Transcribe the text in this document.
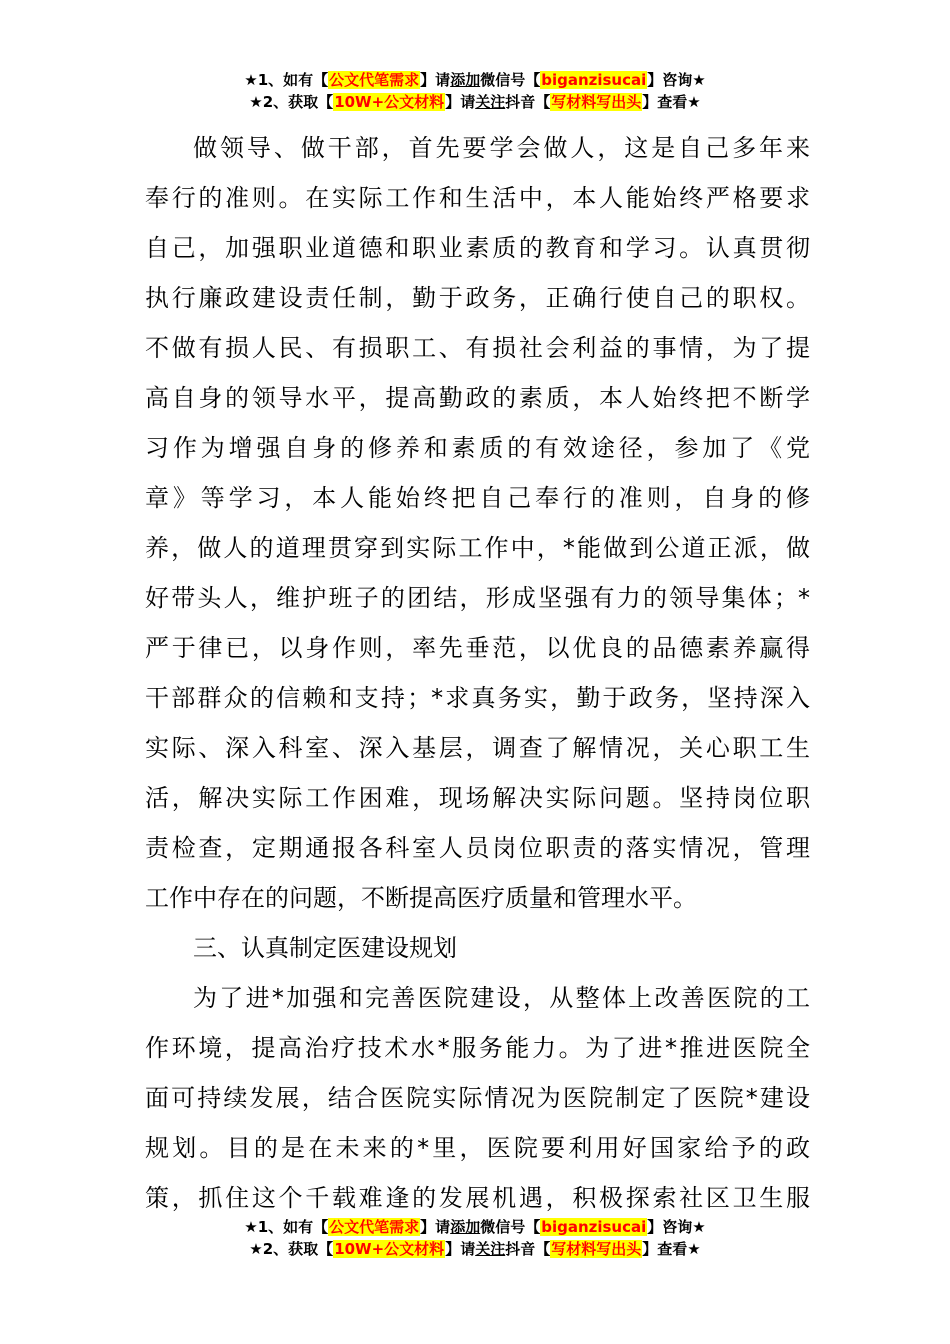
★1、如有【公文代笔需求】请添加微信号【biganzisucai】咨询★
★2、获取【10W+公文材料】请关注抖音【写材料写出头】查看★
做领导、做干部，首先要学会做人，这是自己多年来
奉行的准则。在实际工作和生活中，本人能始终严格要求
自己，加强职业道德和职业素质的教育和学习。认真贯彻
执行廉政建设责任制，勤于政务，正确行使自己的职权。
不做有损人民、有损职工、有损社会利益的事情，为了提
高自身的领导水平，提高勤政的素质，本人始终把不断学
习作为增强自身的修养和素质的有效途径，参加了《党
章》等学习，本人能始终把自己奉行的准则，自身的修
养，做人的道理贯穿到实际工作中，*能做到公道正派，做
好带头人，维护班子的团结，形成坚强有力的领导集体；*
严于律已，以身作则，率先垂范，以优良的品德素养赢得
干部群众的信赖和支持；*求真务实，勤于政务，坚持深入
实际、深入科室、深入基层，调查了解情况，关心职工生
活，解决实际工作困难，现场解决实际问题。坚持岗位职
责检查，定期通报各科室人员岗位职责的落实情况，管理
工作中存在的问题，不断提高医疗质量和管理水平。
三、认真制定医建设规划
为了进*加强和完善医院建设，从整体上改善医院的工
作环境，提高治疗技术水*服务能力。为了进*推进医院全
面可持续发展，结合医院实际情况为医院制定了医院*建设
规划。目的是在未来的*里，医院要利用好国家给予的政
策，抓住这个千载难逢的发展机遇，积极探索社区卫生服
★1、如有【公文代笔需求】请添加微信号【biganzisucai】咨询★
★2、获取【10W+公文材料】请关注抖音【写材料写出头】查看★
